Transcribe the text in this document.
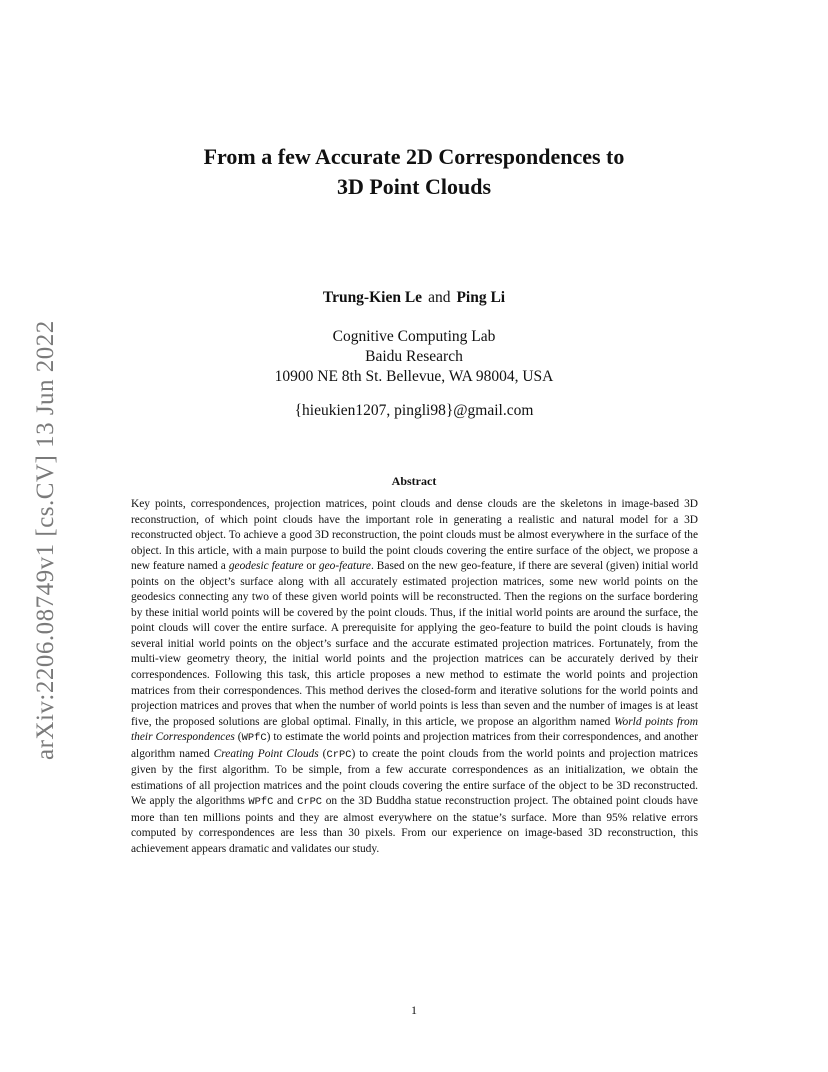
arXiv:2206.08749v1 [cs.CV] 13 Jun 2022
From a few Accurate 2D Correspondences to
3D Point Clouds
Trung-Kien Le and Ping Li
Cognitive Computing Lab
Baidu Research
10900 NE 8th St. Bellevue, WA 98004, USA
{hieukien1207, pingli98}@gmail.com
Abstract
Key points, correspondences, projection matrices, point clouds and dense clouds are the skeletons in image-based 3D reconstruction, of which point clouds have the important role in generating a realistic and natural model for a 3D reconstructed object. To achieve a good 3D reconstruction, the point clouds must be almost everywhere in the surface of the object. In this article, with a main purpose to build the point clouds covering the entire surface of the object, we propose a new feature named a geodesic feature or geo-feature. Based on the new geo-feature, if there are several (given) initial world points on the object’s surface along with all accurately estimated projection matrices, some new world points on the geodesics connecting any two of these given world points will be reconstructed. Then the regions on the surface bordering by these initial world points will be covered by the point clouds. Thus, if the initial world points are around the surface, the point clouds will cover the entire surface. A prerequisite for applying the geo-feature to build the point clouds is having several initial world points on the object’s surface and the accurate estimated projection matrices. Fortunately, from the multi-view geometry theory, the initial world points and the projection matrices can be accurately derived by their correspondences. Following this task, this article proposes a new method to estimate the world points and projection matrices from their correspondences. This method derives the closed-form and iterative solutions for the world points and projection matrices and proves that when the number of world points is less than seven and the number of images is at least five, the proposed solutions are global optimal. Finally, in this article, we propose an algorithm named World points from their Correspondences (WPfC) to estimate the world points and projection matrices from their correspondences, and another algorithm named Creating Point Clouds (CrPC) to create the point clouds from the world points and projection matrices given by the first algorithm. To be simple, from a few accurate correspondences as an initialization, we obtain the estimations of all projection matrices and the point clouds covering the entire surface of the object to be 3D reconstructed. We apply the algorithms WPfC and CrPC on the 3D Buddha statue reconstruction project. The obtained point clouds have more than ten millions points and they are almost everywhere on the statue’s surface. More than 95% relative errors computed by correspondences are less than 30 pixels. From our experience on image-based 3D reconstruction, this achievement appears dramatic and validates our study.
1
